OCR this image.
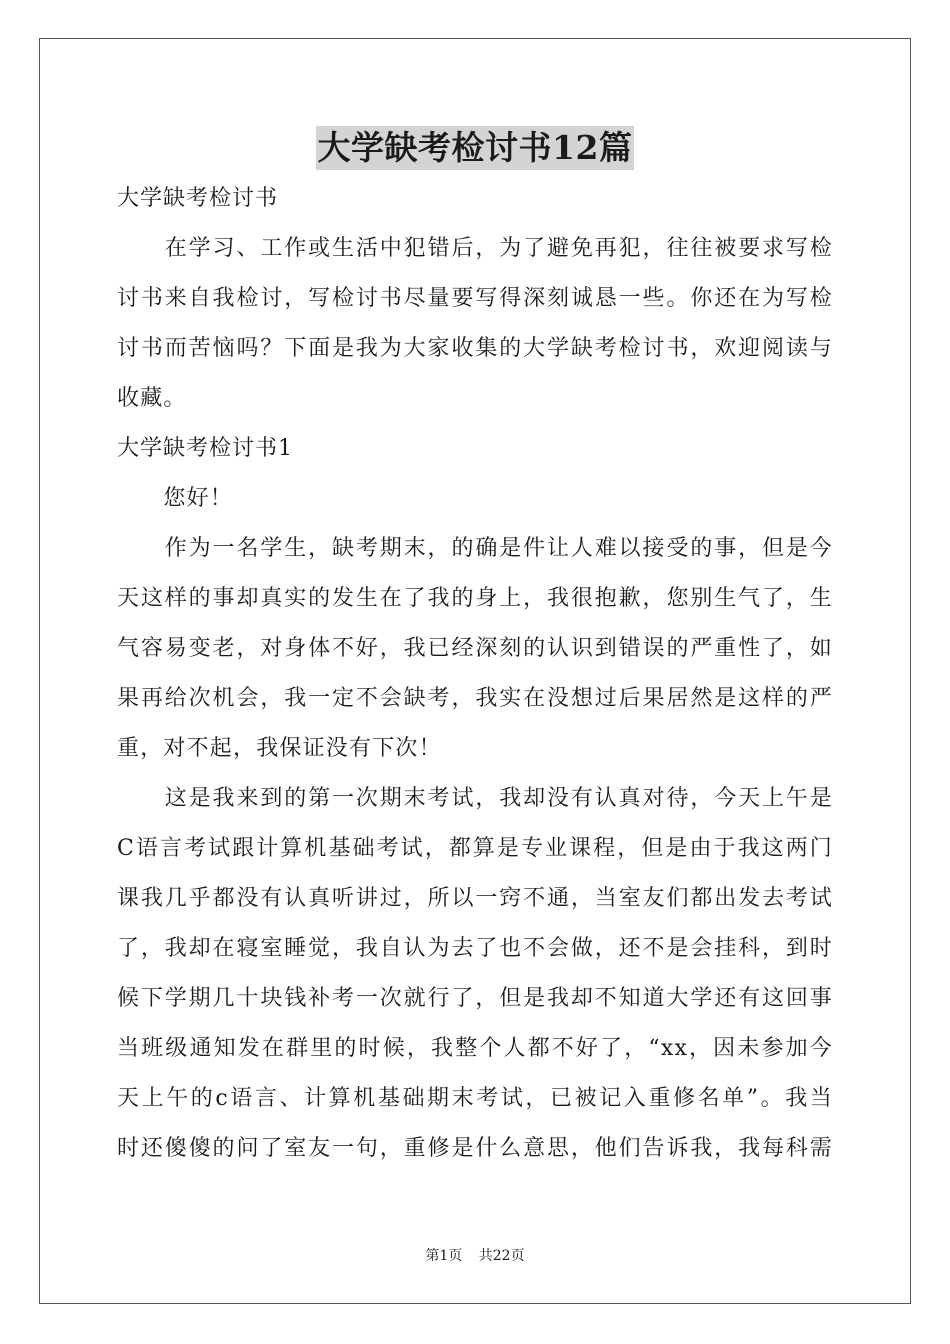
大学缺考检讨书12篇
大学缺考检讨书
　　在学习、工作或生活中犯错后，为了避免再犯，往往被要求写检
讨书来自我检讨，写检讨书尽量要写得深刻诚恳一些。你还在为写检
讨书而苦恼吗？下面是我为大家收集的大学缺考检讨书，欢迎阅读与
收藏。
大学缺考检讨书1
　　您好！
　　作为一名学生，缺考期末，的确是件让人难以接受的事，但是今
天这样的事却真实的发生在了我的身上，我很抱歉，您别生气了，生
气容易变老，对身体不好，我已经深刻的认识到错误的严重性了，如
果再给次机会，我一定不会缺考，我实在没想过后果居然是这样的严
重，对不起，我保证没有下次！
　　这是我来到的第一次期末考试，我却没有认真对待，今天上午是
C语言考试跟计算机基础考试，都算是专业课程，但是由于我这两门
课我几乎都没有认真听讲过，所以一窍不通，当室友们都出发去考试
了，我却在寝室睡觉，我自认为去了也不会做，还不是会挂科，到时
候下学期几十块钱补考一次就行了，但是我却不知道大学还有这回事
当班级通知发在群里的时候，我整个人都不好了，“xx，因未参加今
天上午的c语言、计算机基础期末考试，已被记入重修名单”。我当
时还傻傻的问了室友一句，重修是什么意思，他们告诉我，我每科需
第1页 共22页
